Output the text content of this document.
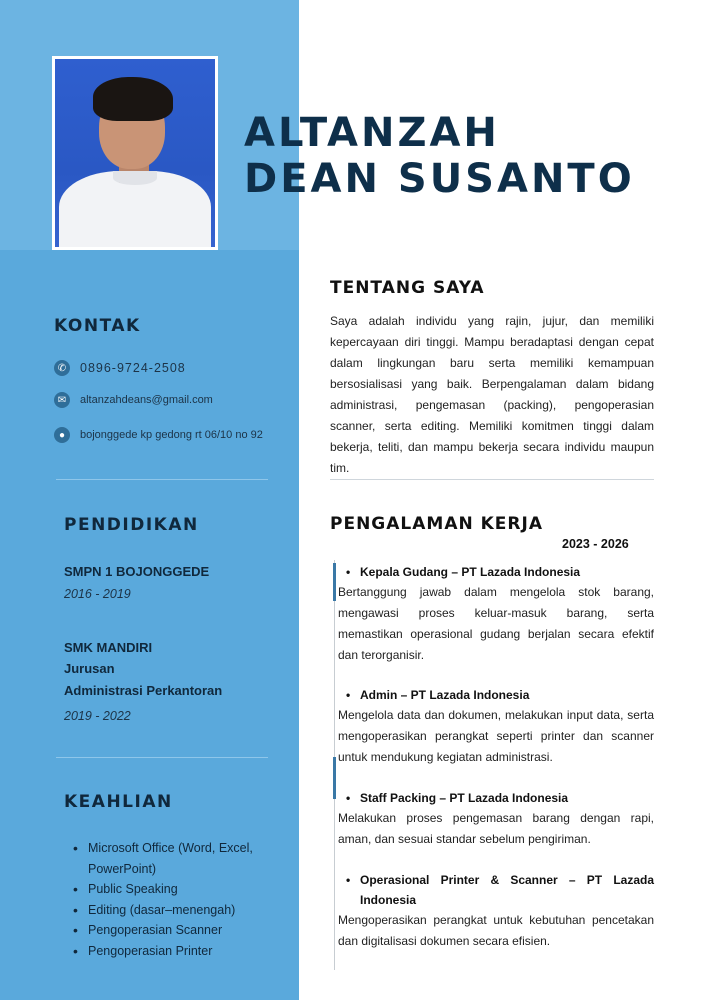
ALTANZAH
DEAN SUSANTO
KONTAK
✆	0896-9724-2508
✉	altanzahdeans@gmail.com
●	bojonggede kp gedong rt 06/10 no 92
PENDIDIKAN
SMPN 1 BOJONGGEDE
2016 - 2019
SMK MANDIRI
Jurusan
Administrasi Perkantoran
2019 - 2022
KEAHLIAN
• Microsoft Office (Word, Excel, PowerPoint)
• Public Speaking
• Editing (dasar–menengah)
• Pengoperasian Scanner
• Pengoperasian Printer
TENTANG SAYA
Saya adalah individu yang rajin, jujur, dan memiliki kepercayaan diri tinggi. Mampu beradaptasi dengan cepat dalam lingkungan baru serta memiliki kemampuan bersosialisasi yang baik. Berpengalaman dalam bidang administrasi, pengemasan (packing), pengoperasian scanner, serta editing. Memiliki komitmen tinggi dalam bekerja, teliti, dan mampu bekerja secara individu maupun tim.
PENGALAMAN KERJA
2023 - 2026
• Kepala Gudang – PT Lazada Indonesia
Bertanggung jawab dalam mengelola stok barang, mengawasi proses keluar-masuk barang, serta memastikan operasional gudang berjalan secara efektif dan terorganisir.
• Admin – PT Lazada Indonesia
Mengelola data dan dokumen, melakukan input data, serta mengoperasikan perangkat seperti printer dan scanner untuk mendukung kegiatan administrasi.
• Staff Packing – PT Lazada Indonesia
Melakukan proses pengemasan barang dengan rapi, aman, dan sesuai standar sebelum pengiriman.
• Operasional Printer & Scanner – PT Lazada Indonesia
Mengoperasikan perangkat untuk kebutuhan pencetakan dan digitalisasi dokumen secara efisien.
